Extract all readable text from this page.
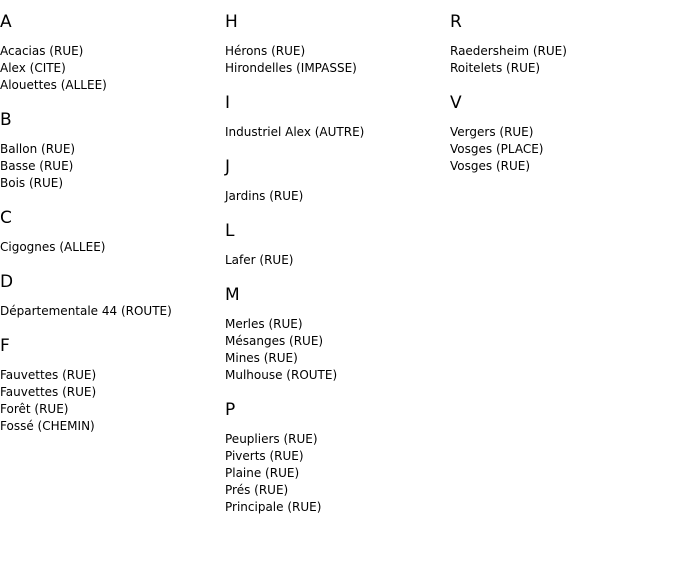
A
Acacias (RUE)
Alex (CITE)
Alouettes (ALLEE)
B
Ballon (RUE)
Basse (RUE)
Bois (RUE)
C
Cigognes (ALLEE)
D
Départementale 44 (ROUTE)
F
Fauvettes (RUE)
Fauvettes (RUE)
Forêt (RUE)
Fossé (CHEMIN)
H
Hérons (RUE)
Hirondelles (IMPASSE)
I
Industriel Alex (AUTRE)
J
Jardins (RUE)
L
Lafer (RUE)
M
Merles (RUE)
Mésanges (RUE)
Mines (RUE)
Mulhouse (ROUTE)
P
Peupliers (RUE)
Piverts (RUE)
Plaine (RUE)
Prés (RUE)
Principale (RUE)
R
Raedersheim (RUE)
Roitelets (RUE)
V
Vergers (RUE)
Vosges (PLACE)
Vosges (RUE)
